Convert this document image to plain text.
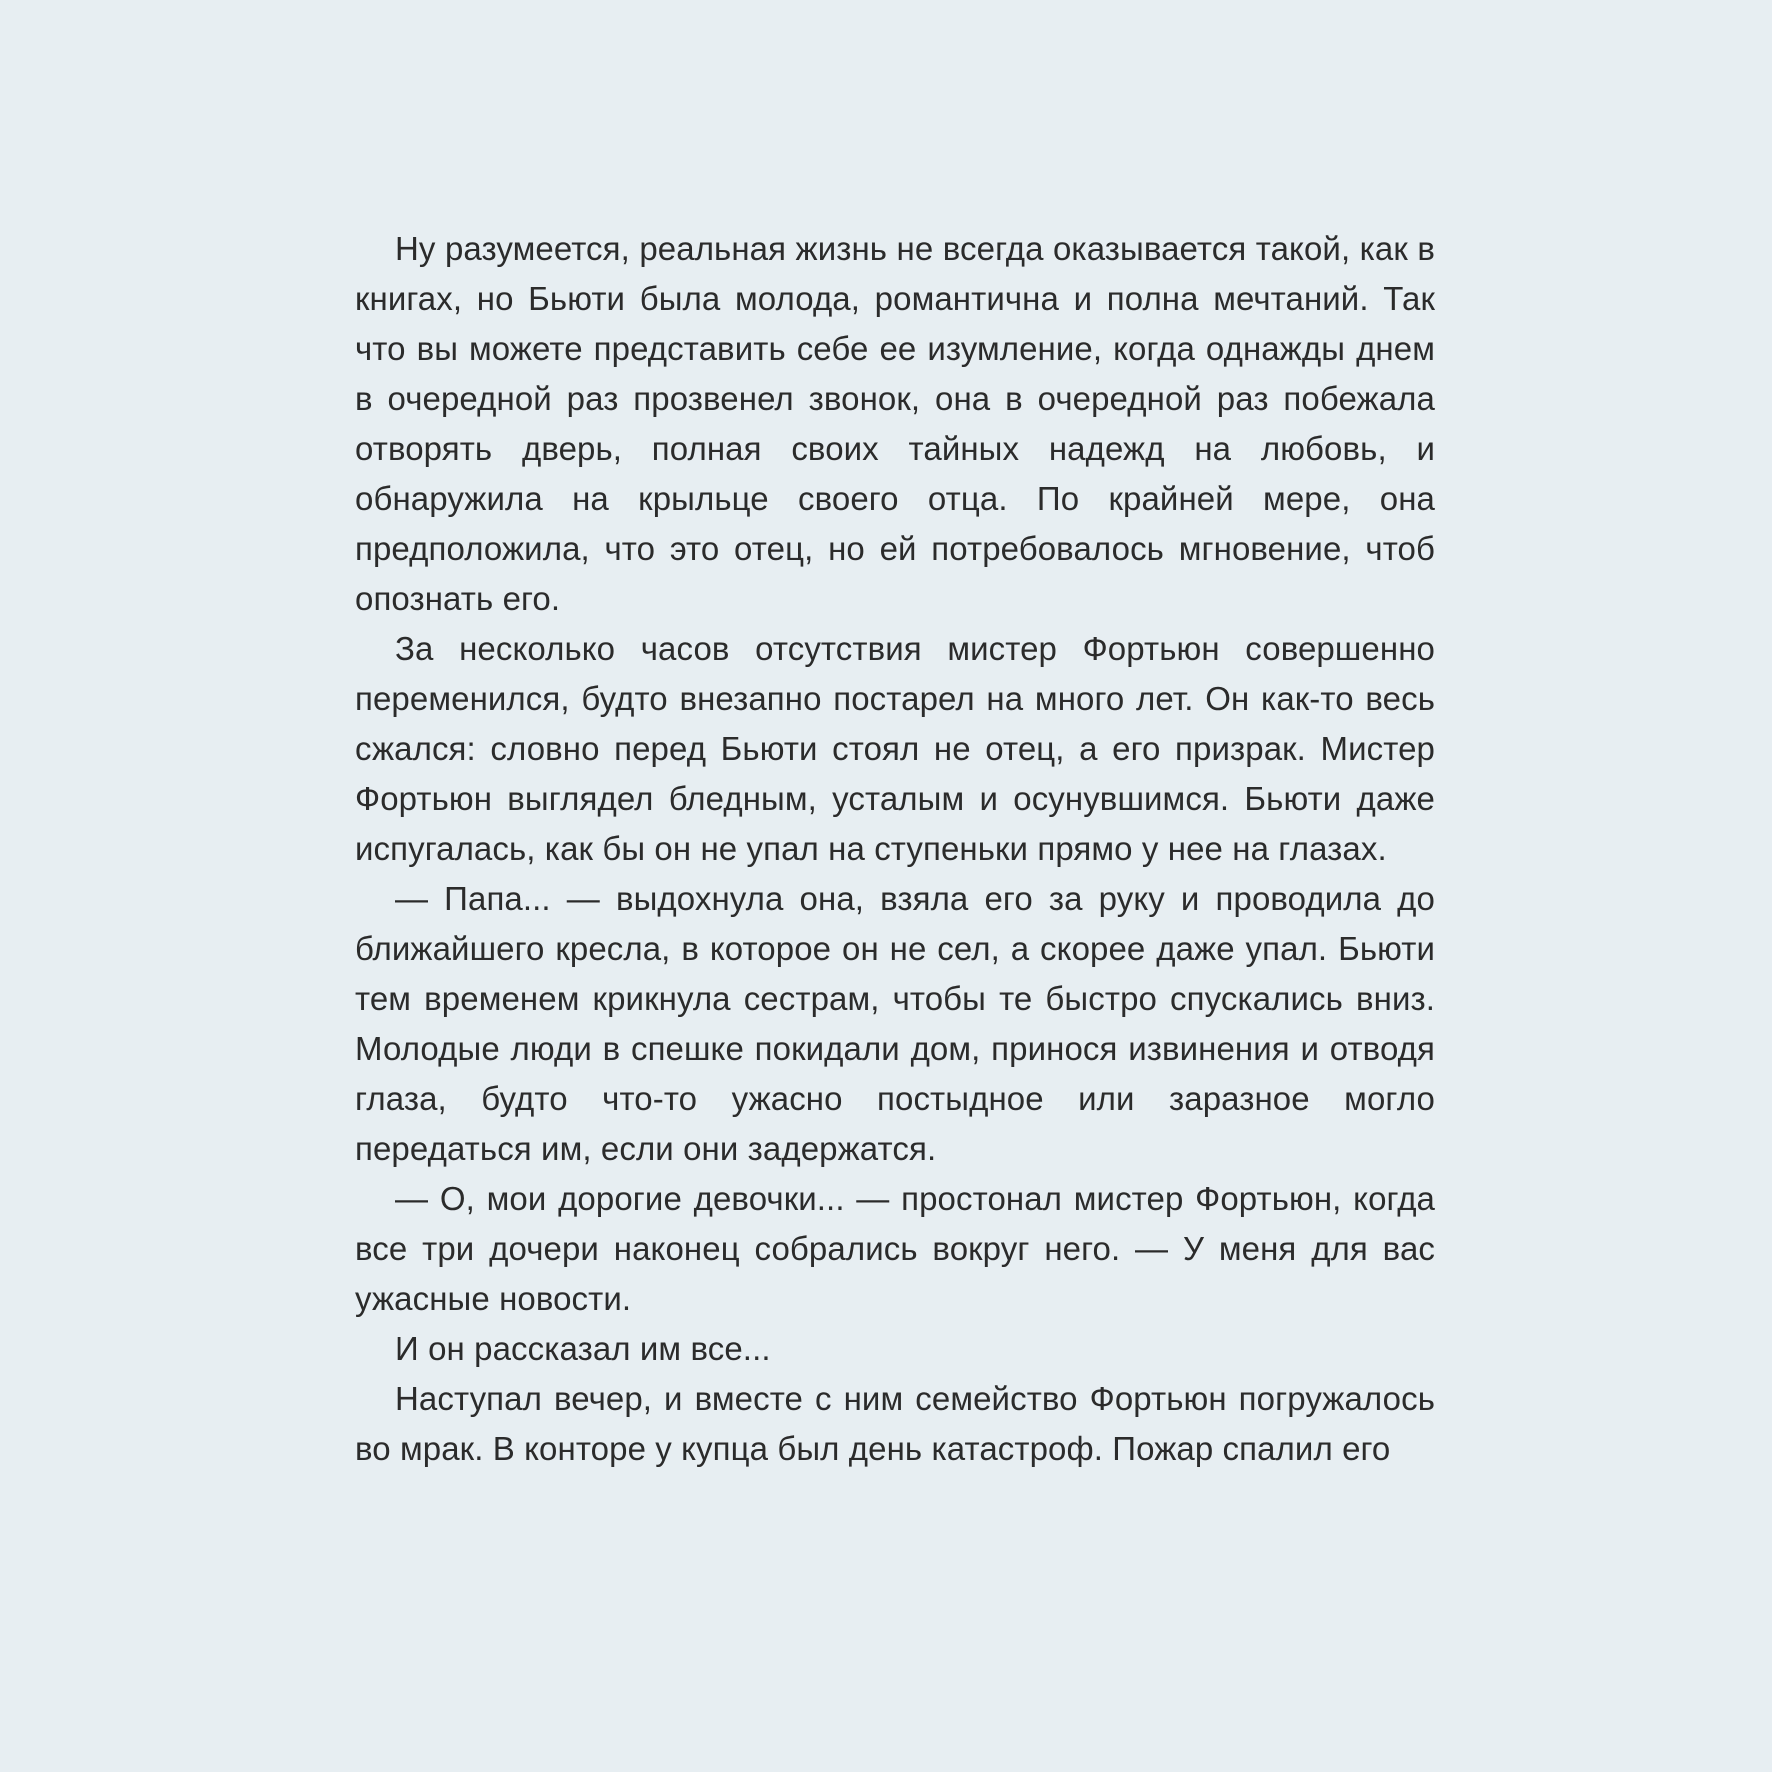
Ну разумеется, реальная жизнь не всегда оказывается такой, как в книгах, но Бьюти была молода, романтична и полна мечтаний. Так что вы можете представить себе ее изумление, когда однажды днем в очередной раз прозвенел звонок, она в очередной раз побежала отворять дверь, полная своих тайных надежд на любовь, и обнаружила на крыльце своего отца. По крайней мере, она предположила, что это отец, но ей потребовалось мгновение, чтоб опознать его.

За несколько часов отсутствия мистер Фортьюн совершенно переменился, будто внезапно постарел на много лет. Он как-то весь сжался: словно перед Бьюти стоял не отец, а его призрак. Мистер Фортьюн выглядел бледным, усталым и осунувшимся. Бьюти даже испугалась, как бы он не упал на ступеньки прямо у нее на глазах.

— Папа... — выдохнула она, взяла его за руку и проводила до ближайшего кресла, в которое он не сел, а скорее даже упал. Бьюти тем временем крикнула сестрам, чтобы те быстро спускались вниз. Молодые люди в спешке покидали дом, принося извинения и отводя глаза, будто что-то ужасно постыдное или заразное могло передаться им, если они задержатся.

— О, мои дорогие девочки... — простонал мистер Фортьюн, когда все три дочери наконец собрались вокруг него. — У меня для вас ужасные новости.

И он рассказал им все...

Наступал вечер, и вместе с ним семейство Фортьюн погружалось во мрак. В конторе у купца был день катастроф. Пожар спалил его
